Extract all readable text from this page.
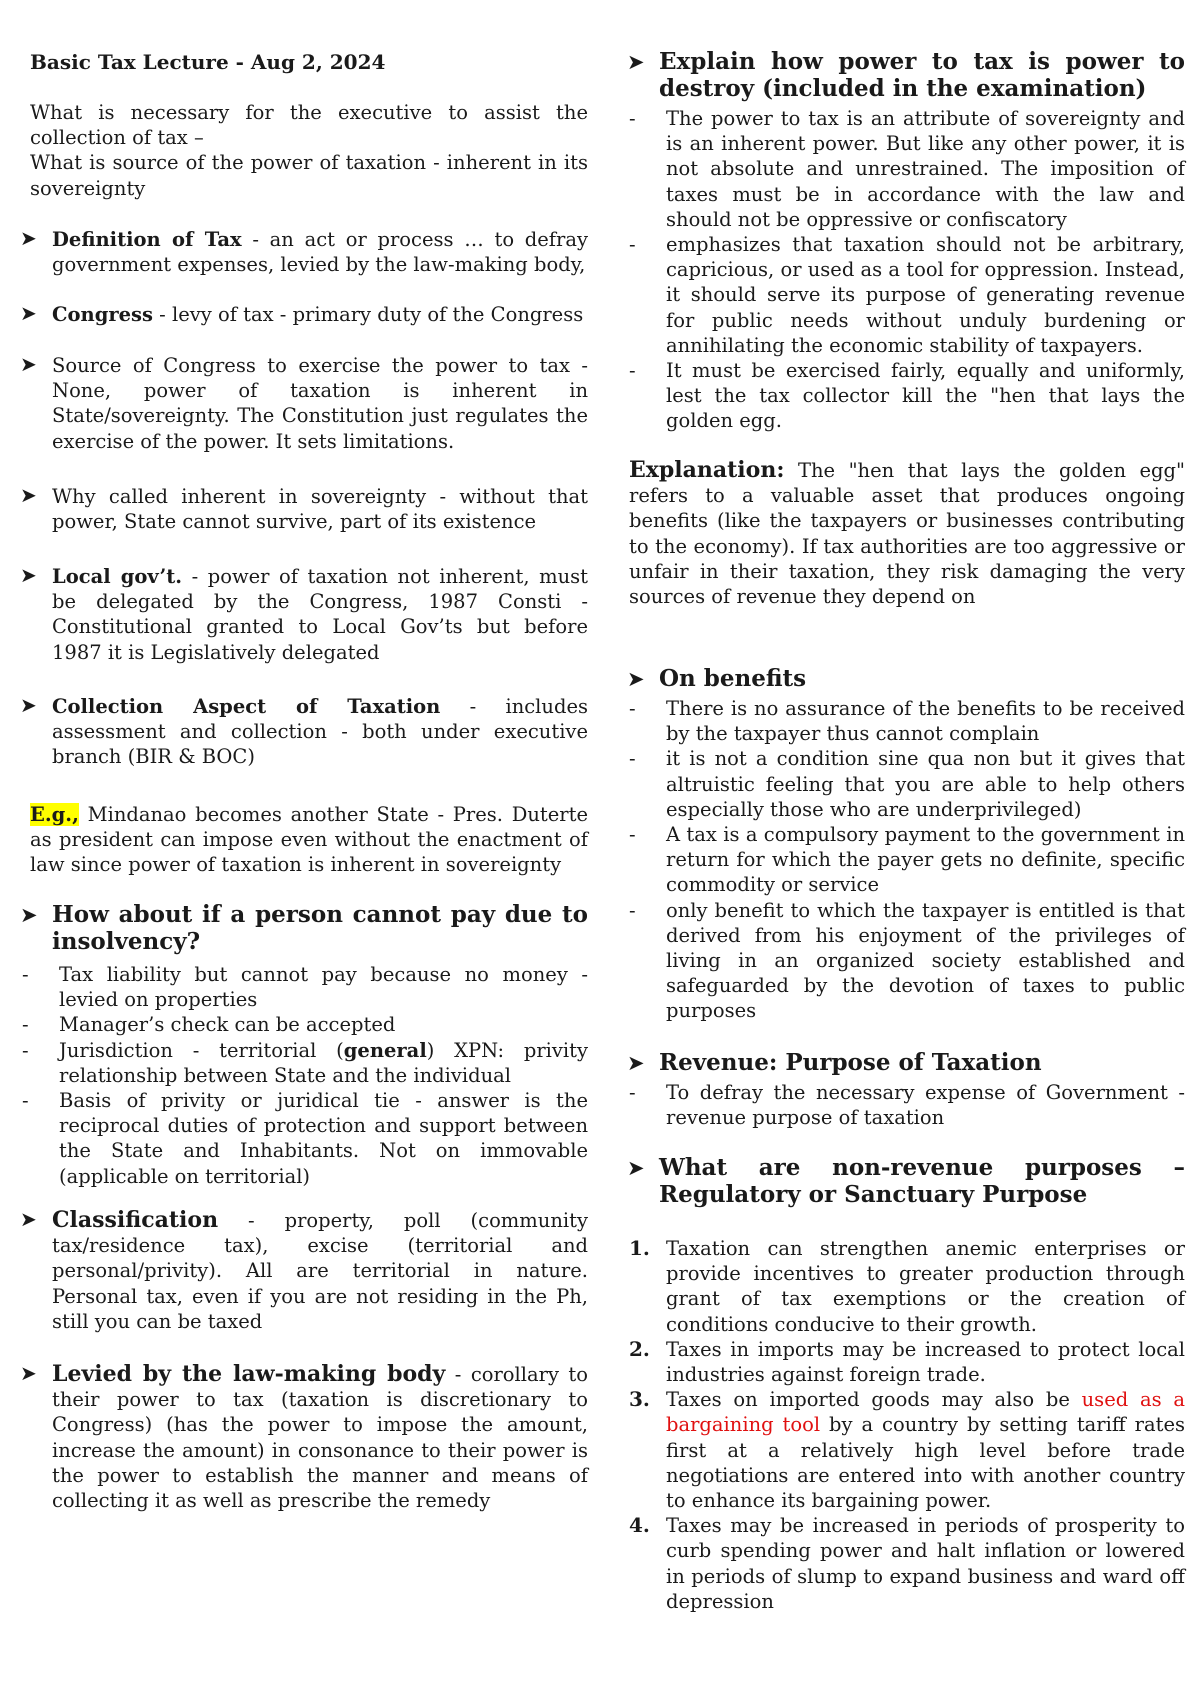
Basic Tax Lecture - Aug 2, 2024
What is necessary for the executive to assist the collection of tax –
What is source of the power of taxation - inherent in its sovereignty
➤ Definition of Tax - an act or process … to defray government expenses, levied by the law-making body,
➤ Congress - levy of tax - primary duty of the Congress
➤ Source of Congress to exercise the power to tax - None, power of taxation is inherent in State/sovereignty. The Constitution just regulates the exercise of the power. It sets limitations.
➤ Why called inherent in sovereignty - without that power, State cannot survive, part of its existence
➤ Local gov’t. - power of taxation not inherent, must be delegated by the Congress, 1987 Consti - Constitutional granted to Local Gov’ts but before 1987 it is Legislatively delegated
➤ Collection Aspect of Taxation - includes assessment and collection - both under executive branch (BIR & BOC)
E.g., Mindanao becomes another State - Pres. Duterte as president can impose even without the enactment of law since power of taxation is inherent in sovereignty
➤ How about if a person cannot pay due to insolvency?
- Tax liability but cannot pay because no money - levied on properties
- Manager’s check can be accepted
- Jurisdiction - territorial (general) XPN: privity relationship between State and the individual
- Basis of privity or juridical tie - answer is the reciprocal duties of protection and support between the State and Inhabitants. Not on immovable (applicable on territorial)
➤ Classification - property, poll (community tax/residence tax), excise (territorial and personal/privity). All are territorial in nature. Personal tax, even if you are not residing in the Ph, still you can be taxed
➤ Levied by the law-making body - corollary to their power to tax (taxation is discretionary to Congress) (has the power to impose the amount, increase the amount) in consonance to their power is the power to establish the manner and means of collecting it as well as prescribe the remedy
➤ Explain how power to tax is power to destroy (included in the examination)
- The power to tax is an attribute of sovereignty and is an inherent power. But like any other power, it is not absolute and unrestrained. The imposition of taxes must be in accordance with the law and should not be oppressive or confiscatory
- emphasizes that taxation should not be arbitrary, capricious, or used as a tool for oppression. Instead, it should serve its purpose of generating revenue for public needs without unduly burdening or annihilating the economic stability of taxpayers.
- It must be exercised fairly, equally and uniformly, lest the tax collector kill the "hen that lays the golden egg.
Explanation: The "hen that lays the golden egg" refers to a valuable asset that produces ongoing benefits (like the taxpayers or businesses contributing to the economy). If tax authorities are too aggressive or unfair in their taxation, they risk damaging the very sources of revenue they depend on
➤ On benefits
- There is no assurance of the benefits to be received by the taxpayer thus cannot complain
- it is not a condition sine qua non but it gives that altruistic feeling that you are able to help others especially those who are underprivileged)
- A tax is a compulsory payment to the government in return for which the payer gets no definite, specific commodity or service
- only benefit to which the taxpayer is entitled is that derived from his enjoyment of the privileges of living in an organized society established and safeguarded by the devotion of taxes to public purposes
➤ Revenue: Purpose of Taxation
- To defray the necessary expense of Government - revenue purpose of taxation
➤ What are non-revenue purposes – Regulatory or Sanctuary Purpose
1. Taxation can strengthen anemic enterprises or provide incentives to greater production through grant of tax exemptions or the creation of conditions conducive to their growth.
2. Taxes in imports may be increased to protect local industries against foreign trade.
3. Taxes on imported goods may also be used as a bargaining tool by a country by setting tariff rates first at a relatively high level before trade negotiations are entered into with another country to enhance its bargaining power.
4. Taxes may be increased in periods of prosperity to curb spending power and halt inflation or lowered in periods of slump to expand business and ward off depression
